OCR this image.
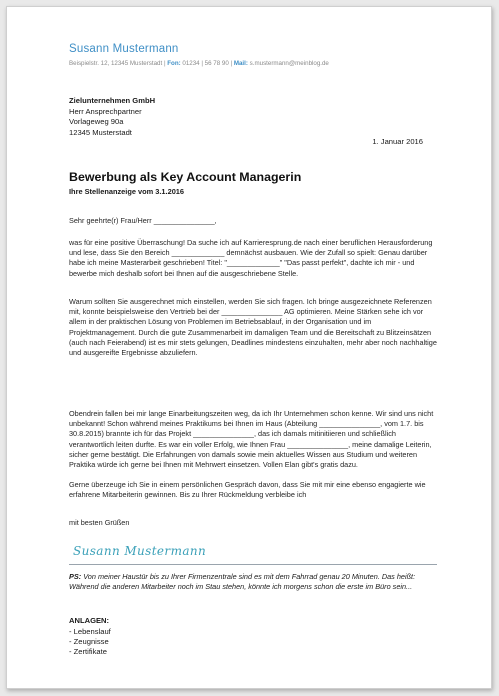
Susann Mustermann
Beispielstr. 12, 12345 Musterstadt | Fon: 01234 | 56 78 90 | Mail: s.mustermann@meinblog.de
Zielunternehmen GmbH
Herr Ansprechpartner
Vorlageweg 90a
12345 Musterstadt
1. Januar 2016
Bewerbung als Key Account Managerin
Ihre Stellenanzeige vom 3.1.2016
Sehr geehrte(r) Frau/Herr _______________,
was für eine positive Überraschung! Da suche ich auf Karrieresprung.de nach einer beruflichen Herausforderung und lese, dass Sie den Bereich _____________ demnächst ausbauen. Wie der Zufall so spielt: Genau darüber habe ich meine Masterarbeit geschrieben! Titel: "_____________" "Das passt perfekt", dachte ich mir - und bewerbe mich deshalb sofort bei Ihnen auf die ausgeschriebene Stelle.
Warum sollten Sie ausgerechnet mich einstellen, werden Sie sich fragen. Ich bringe ausgezeichnete Referenzen mit, konnte beispielsweise den Vertrieb bei der _______________ AG optimieren. Meine Stärken sehe ich vor allem in der praktischen Lösung von Problemen im Betriebsablauf, in der Organisation und im Projektmanagement. Durch die gute Zusammenarbeit im damaligen Team und die Bereitschaft zu Blitzeinsätzen (auch nach Feierabend) ist es mir stets gelungen, Deadlines mindestens einzuhalten, mehr aber noch nachhaltige und ausgereifte Ergebnisse abzuliefern.
Obendrein fallen bei mir lange Einarbeitungszeiten weg, da ich Ihr Unternehmen schon kenne. Wir sind uns nicht unbekannt! Schon während meines Praktikums bei Ihnen im Haus (Abteilung _______________, vom 1.7. bis 30.8.2015) brannte ich für das Projekt _______________, das ich damals mitinitiieren und schließlich verantwortlich leiten durfte. Es war ein voller Erfolg, wie Ihnen Frau _______________, meine damalige Leiterin, sicher gerne bestätigt. Die Erfahrungen von damals sowie mein aktuelles Wissen aus Studium und weiteren Praktika würde ich gerne bei Ihnen mit Mehrwert einsetzen. Vollen Elan gibt's gratis dazu.
Gerne überzeuge ich Sie in einem persönlichen Gespräch davon, dass Sie mit mir eine ebenso engagierte wie erfahrene Mitarbeiterin gewinnen. Bis zu Ihrer Rückmeldung verbleibe ich
mit besten Grüßen
Susann Mustermann
PS: Von meiner Haustür bis zu Ihrer Firmenzentrale sind es mit dem Fahrrad genau 20 Minuten. Das heißt: Während die anderen Mitarbeiter noch im Stau stehen, könnte ich morgens schon die erste im Büro sein...
ANLAGEN:
- Lebenslauf
- Zeugnisse
- Zertifikate
